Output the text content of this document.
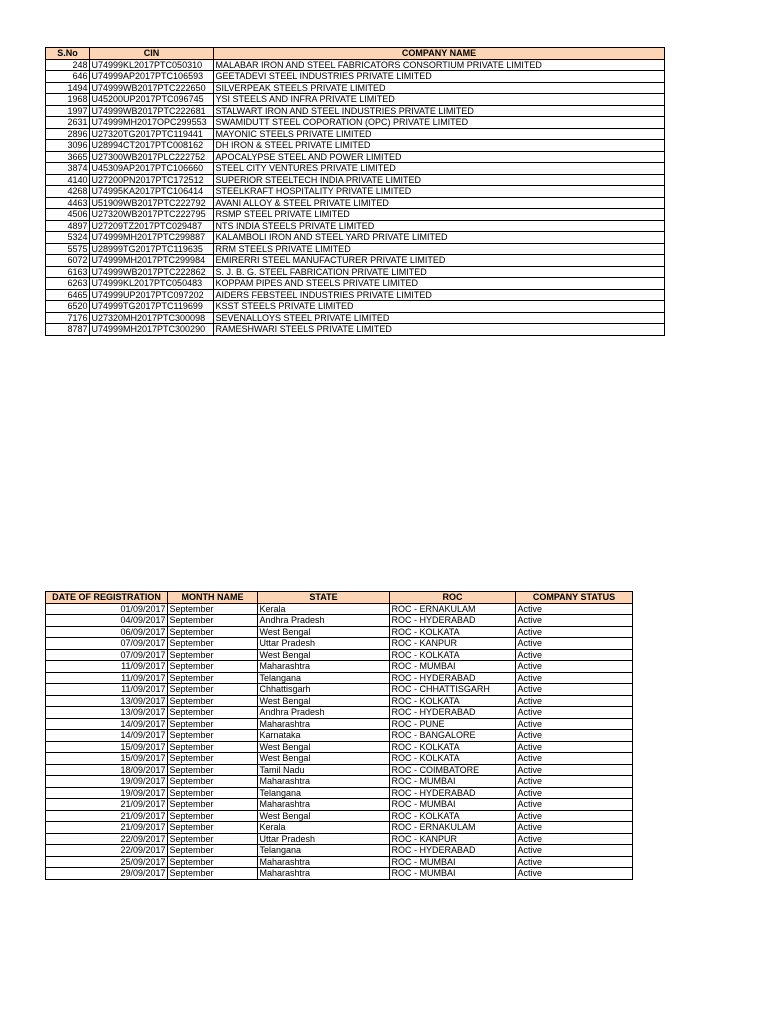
S.No	CIN	COMPANY NAME
248	U74999KL2017PTC050310	MALABAR IRON AND STEEL FABRICATORS CONSORTIUM PRIVATE LIMITED
646	U74999AP2017PTC106593	GEETADEVI STEEL INDUSTRIES PRIVATE LIMITED
1494	U74999WB2017PTC222650	SILVERPEAK STEELS PRIVATE LIMITED
1968	U45200UP2017PTC096745	YSI STEELS AND INFRA PRIVATE LIMITED
1997	U74999WB2017PTC222681	STALWART IRON AND STEEL INDUSTRIES PRIVATE LIMITED
2631	U74999MH2017OPC299553	SWAMIDUTT STEEL COPORATION (OPC) PRIVATE LIMITED
2896	U27320TG2017PTC119441	MAYONIC STEELS PRIVATE LIMITED
3096	U28994CT2017PTC008162	DH IRON & STEEL PRIVATE LIMITED
3665	U27300WB2017PLC222752	APOCALYPSE STEEL AND POWER LIMITED
3874	U45309AP2017PTC106660	STEEL CITY VENTURES PRIVATE LIMITED
4140	U27200PN2017PTC172512	SUPERIOR STEELTECH INDIA PRIVATE LIMITED
4268	U74995KA2017PTC106414	STEELKRAFT HOSPITALITY PRIVATE LIMITED
4463	U51909WB2017PTC222792	AVANI ALLOY & STEEL PRIVATE LIMITED
4506	U27320WB2017PTC222795	RSMP STEEL PRIVATE LIMITED
4897	U27209TZ2017PTC029487	NTS INDIA STEELS PRIVATE LIMITED
5324	U74999MH2017PTC299887	KALAMBOLI IRON AND STEEL YARD PRIVATE LIMITED
5575	U28999TG2017PTC119635	RRM STEELS PRIVATE LIMITED
6072	U74999MH2017PTC299984	EMIRERRI STEEL MANUFACTURER PRIVATE LIMITED
6163	U74999WB2017PTC222862	S. J. B. G. STEEL FABRICATION PRIVATE LIMITED
6263	U74999KL2017PTC050483	KOPPAM PIPES AND STEELS PRIVATE LIMITED
6465	U74999UP2017PTC097202	AIDERS FEBSTEEL INDUSTRIES PRIVATE LIMITED
6520	U74999TG2017PTC119699	KSST STEELS PRIVATE LIMITED
7176	U27320MH2017PTC300098	SEVENALLOYS STEEL PRIVATE LIMITED
8787	U74999MH2017PTC300290	RAMESHWARI STEELS PRIVATE LIMITED
DATE OF REGISTRATION	MONTH NAME	STATE	ROC	COMPANY STATUS
01/09/2017	September	Kerala	ROC - ERNAKULAM	Active
04/09/2017	September	Andhra Pradesh	ROC - HYDERABAD	Active
06/09/2017	September	West Bengal	ROC - KOLKATA	Active
07/09/2017	September	Uttar Pradesh	ROC - KANPUR	Active
07/09/2017	September	West Bengal	ROC - KOLKATA	Active
11/09/2017	September	Maharashtra	ROC - MUMBAI	Active
11/09/2017	September	Telangana	ROC - HYDERABAD	Active
11/09/2017	September	Chhattisgarh	ROC - CHHATTISGARH	Active
13/09/2017	September	West Bengal	ROC - KOLKATA	Active
13/09/2017	September	Andhra Pradesh	ROC - HYDERABAD	Active
14/09/2017	September	Maharashtra	ROC - PUNE	Active
14/09/2017	September	Karnataka	ROC - BANGALORE	Active
15/09/2017	September	West Bengal	ROC - KOLKATA	Active
15/09/2017	September	West Bengal	ROC - KOLKATA	Active
18/09/2017	September	Tamil Nadu	ROC - COIMBATORE	Active
19/09/2017	September	Maharashtra	ROC - MUMBAI	Active
19/09/2017	September	Telangana	ROC - HYDERABAD	Active
21/09/2017	September	Maharashtra	ROC - MUMBAI	Active
21/09/2017	September	West Bengal	ROC - KOLKATA	Active
21/09/2017	September	Kerala	ROC - ERNAKULAM	Active
22/09/2017	September	Uttar Pradesh	ROC - KANPUR	Active
22/09/2017	September	Telangana	ROC - HYDERABAD	Active
25/09/2017	September	Maharashtra	ROC - MUMBAI	Active
29/09/2017	September	Maharashtra	ROC - MUMBAI	Active
